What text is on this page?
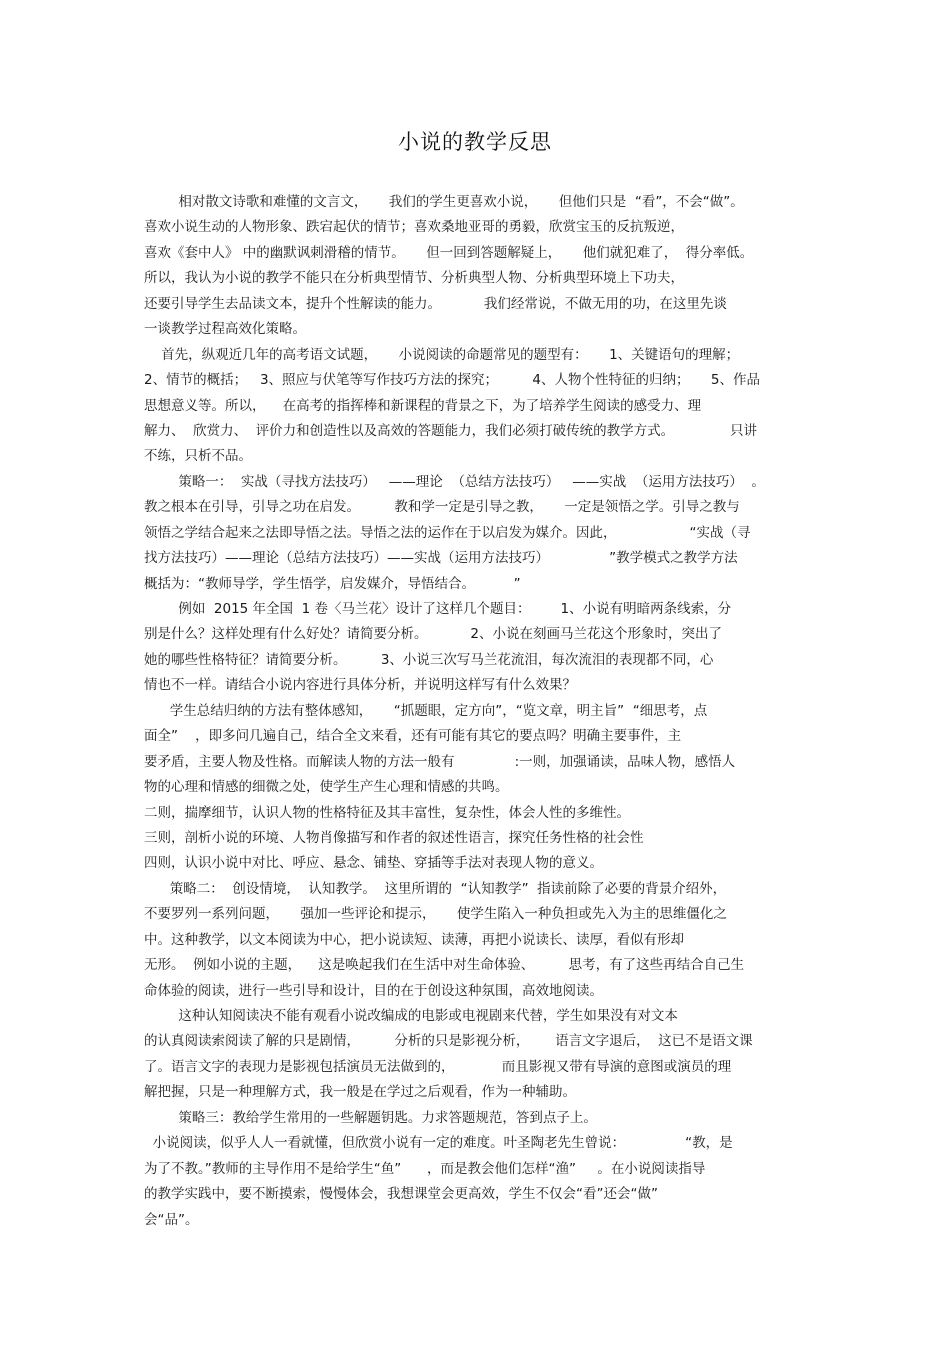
小说的教学反思
相对散文诗歌和难懂的文言文，     我们的学生更喜欢小说，     但他们只是  “看”，不会“做”。
喜欢小说生动的人物形象、跌宕起伏的情节；喜欢桑地亚哥的勇毅，欣赏宝玉的反抗叛逆，
喜欢《套中人》 中的幽默讽刺滑稽的情节。     但一回到答题解疑上，     他们就犯难了，  得分率低。
所以，我认为小说的教学不能只在分析典型情节、分析典型人物、分析典型环境上下功夫，
还要引导学生去品读文本，提升个性解读的能力。          我们经常说，不做无用的功，在这里先谈
一谈教学过程高效化策略。
首先，纵观近几年的高考语文试题，     小说阅读的命题常见的题型有：     1、关键语句的理解；
2、情节的概括；   3、照应与伏笔等写作技巧方法的探究；        4、人物个性特征的归纳；     5、作品
思想意义等。所以，    在高考的指挥棒和新课程的背景之下，为了培养学生阅读的感受力、理
解力、  欣赏力、  评价力和创造性以及高效的答题能力，我们必须打破传统的教学方式。             只讲
不练，只析不品。
策略一：  实战（寻找方法技巧）   ——理论  （总结方法技巧）   ——实战  （运用方法技巧）  。
教之根本在引导，引导之功在启发。        教和学一定是引导之教，     一定是领悟之学。引导之教与
领悟之学结合起来之法即导悟之法。导悟之法的运作在于以启发为媒介。因此，                 “实战（寻
找方法技巧）——理论（总结方法技巧）——实战（运用方法技巧）              ”教学模式之教学方法
概括为：“教师导学，学生悟学，启发媒介，导悟结合。         ”
例如  2015 年全国  1 卷〈马兰花〉设计了这样几个题目：       1、小说有明暗两条线索，分
别是什么？这样处理有什么好处？请简要分析。          2、小说在刻画马兰花这个形象时，突出了
她的哪些性格特征？请简要分析。        3、小说三次写马兰花流泪，每次流泪的表现都不同，心
情也不一样。请结合小说内容进行具体分析，并说明这样写有什么效果？
学生总结归纳的方法有整体感知，     “抓题眼，定方向”，“览文章，明主旨”  “细思考，点
面全”    ，即多问几遍自己，结合全文来看，还有可能有其它的要点吗？明确主要事件，主
要矛盾，主要人物及性格。而解读人物的方法一般有              :一则，加强诵读，品味人物，感悟人
物的心理和情感的细微之处，使学生产生心理和情感的共鸣。
二则，揣摩细节，认识人物的性格特征及其丰富性，复杂性，体会人性的多维性。
三则，剖析小说的环境、人物肖像描写和作者的叙述性语言，探究任务性格的社会性
四则，认识小说中对比、呼应、悬念、铺垫、穿插等手法对表现人物的意义。
策略二：  创设情境，  认知教学。  这里所谓的  “认知教学”  指读前除了必要的背景介绍外，
不要罗列一系列问题，     强加一些评论和提示，     使学生陷入一种负担或先入为主的思维僵化之
中。这种教学，以文本阅读为中心，把小说读短、读薄，再把小说读长、读厚，看似有形却
无形。  例如小说的主题，    这是唤起我们在生活中对生命体验、        思考，有了这些再结合自己生
命体验的阅读，进行一些引导和设计，目的在于创设这种氛围，高效地阅读。
这种认知阅读决不能有观看小说改编成的电影或电视剧来代替，学生如果没有对文本
的认真阅读索阅读了解的只是剧情，        分析的只是影视分析，      语言文字退后，  这已不是语文课
了。语言文字的表现力是影视包括演员无法做到的，           而且影视又带有导演的意图或演员的理
解把握，只是一种理解方式，我一般是在学过之后观看，作为一种辅助。
策略三：教给学生常用的一些解题钥匙。力求答题规范，答到点子上。
小说阅读，似乎人人一看就懂，但欣赏小说有一定的难度。叶圣陶老先生曾说：              “教，是
为了不教。”教师的主导作用不是给学生“鱼”      ，而是教会他们怎样“渔”     。在小说阅读指导
的教学实践中，要不断摸索，慢慢体会，我想课堂会更高效，学生不仅会“看”还会“做”
会“品”。
